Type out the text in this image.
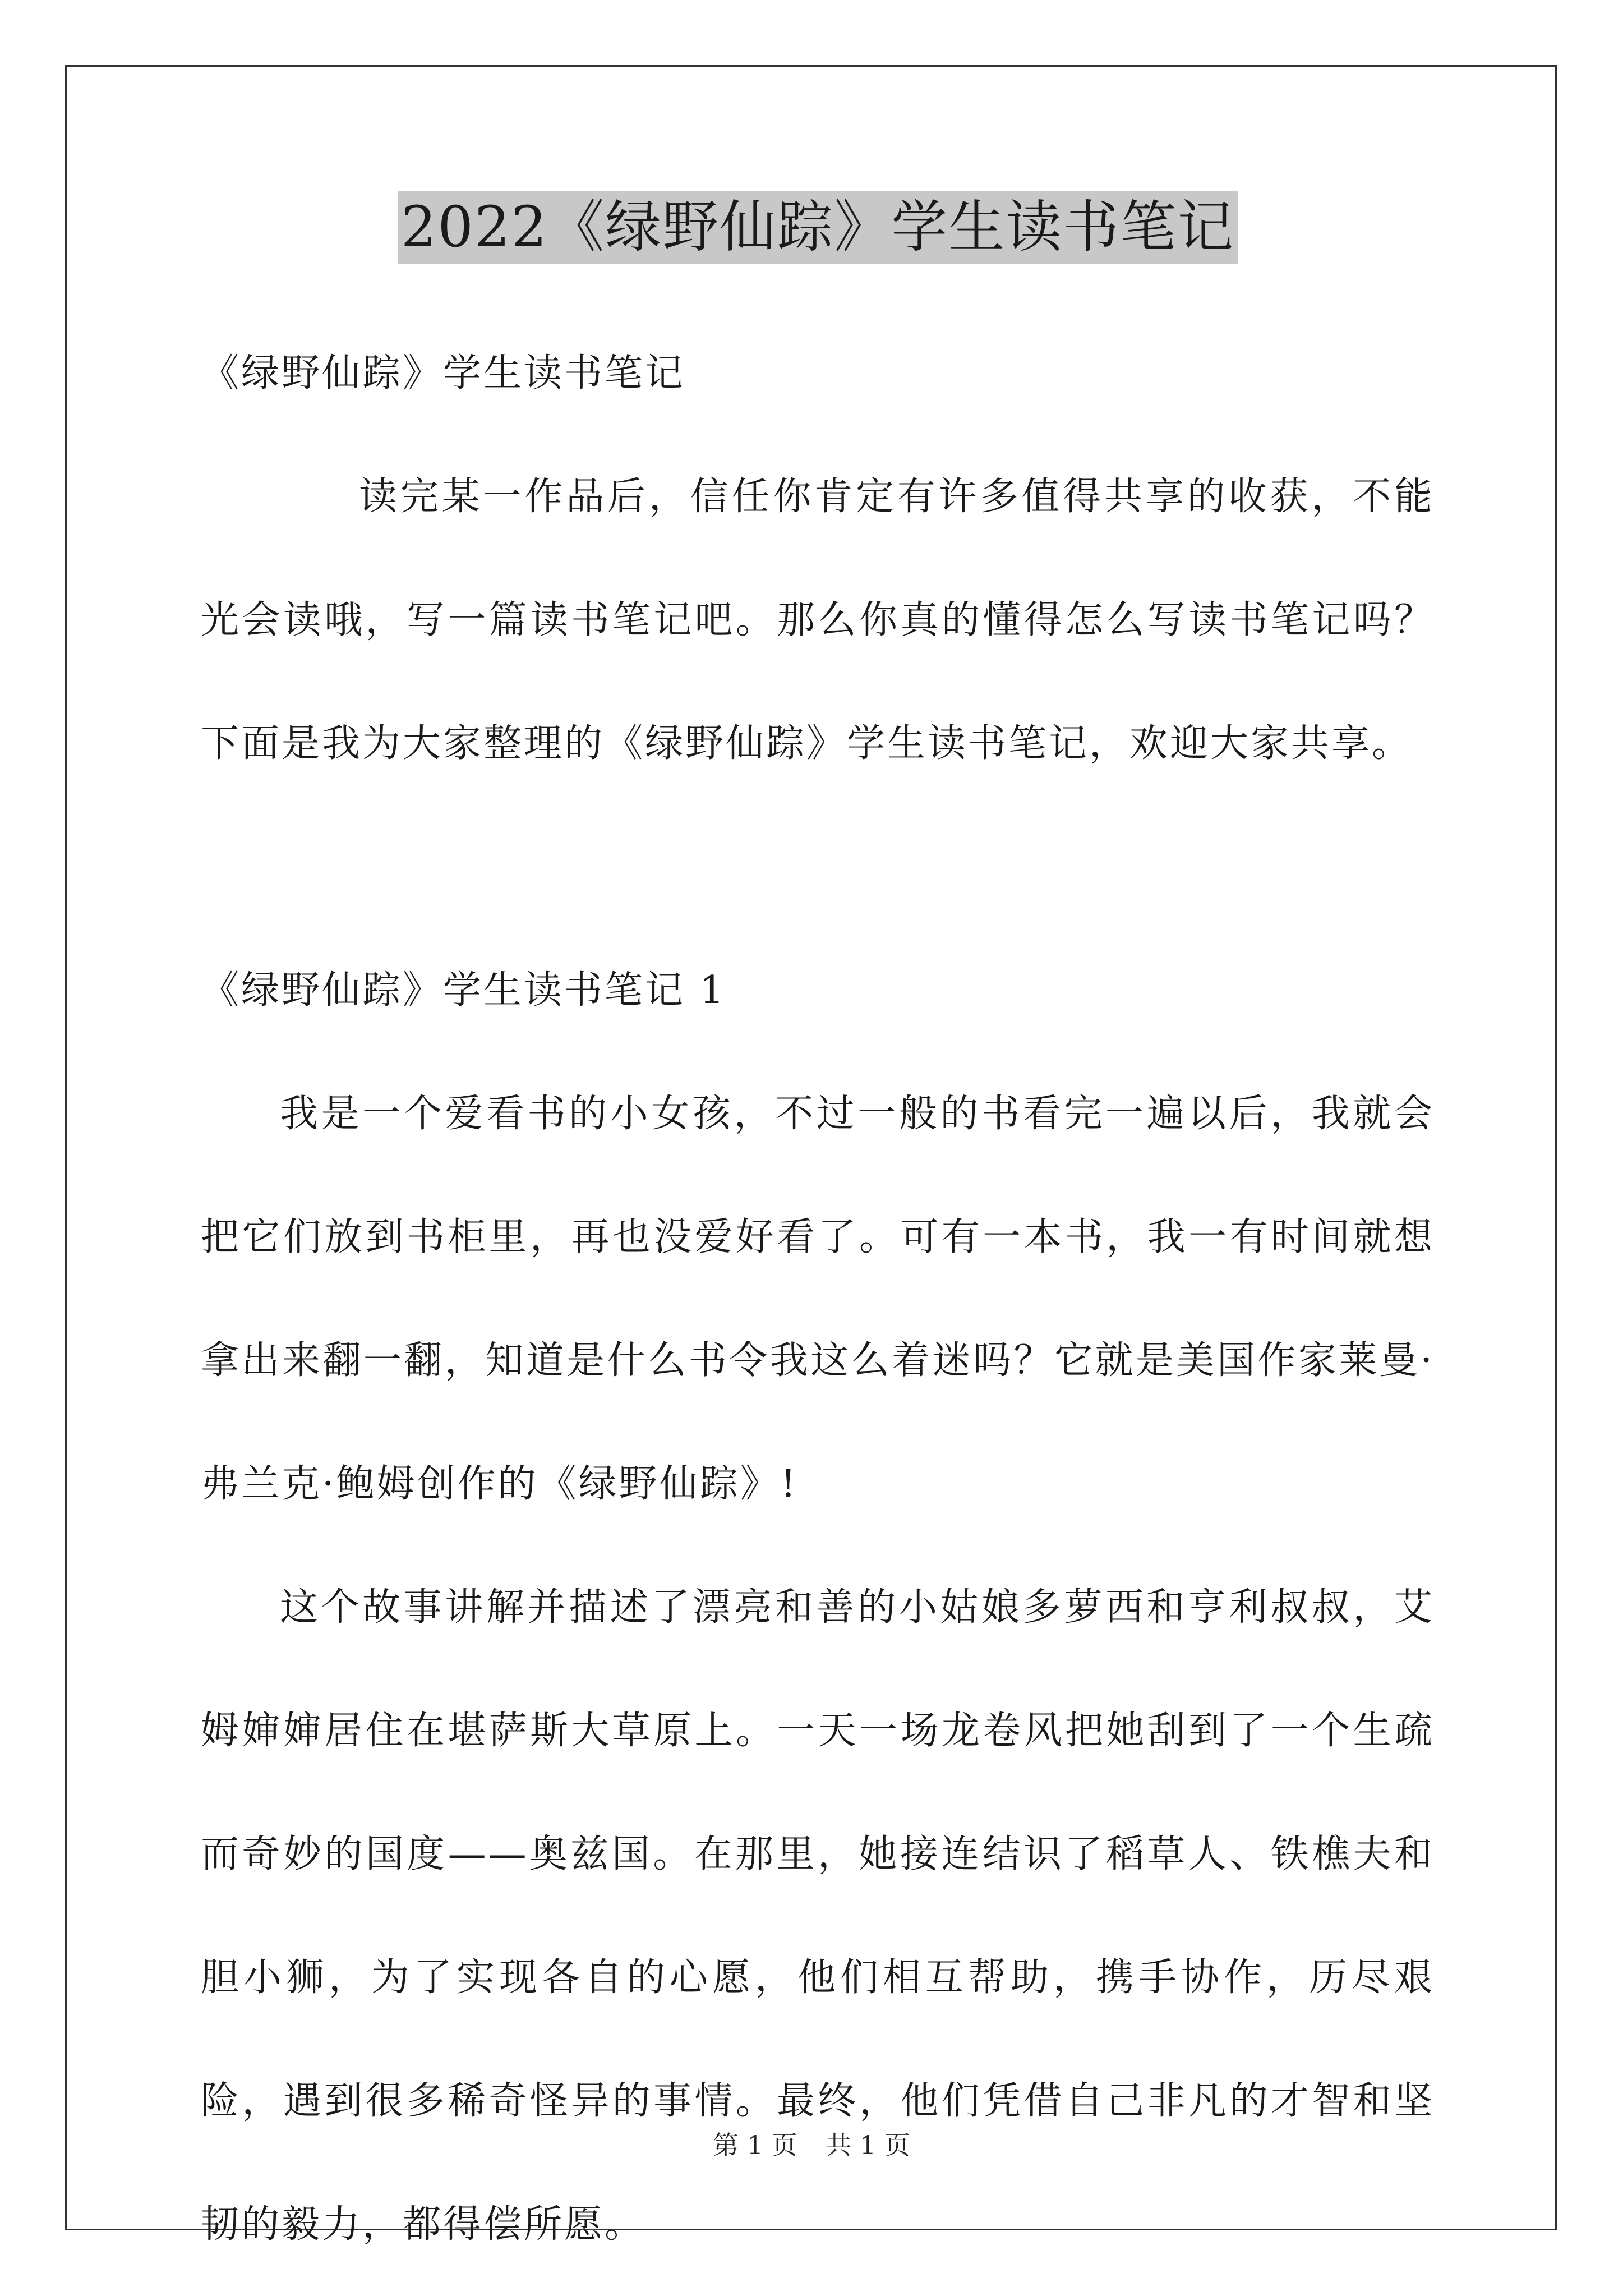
2022《绿野仙踪》学生读书笔记

《绿野仙踪》学生读书笔记

读完某一作品后，信任你肯定有许多值得共享的收获，不能光会读哦，写一篇读书笔记吧。那么你真的懂得怎么写读书笔记吗？下面是我为大家整理的《绿野仙踪》学生读书笔记，欢迎大家共享。

《绿野仙踪》学生读书笔记 1

我是一个爱看书的小女孩，不过一般的书看完一遍以后，我就会把它们放到书柜里，再也没爱好看了。可有一本书，我一有时间就想拿出来翻一翻，知道是什么书令我这么着迷吗？它就是美国作家莱曼·弗兰克·鲍姆创作的《绿野仙踪》!

这个故事讲解并描述了漂亮和善的小姑娘多萝西和亨利叔叔，艾姆婶婶居住在堪萨斯大草原上。一天一场龙卷风把她刮到了一个生疏而奇妙的国度——奥兹国。在那里，她接连结识了稻草人、铁樵夫和胆小狮，为了实现各自的心愿，他们相互帮助，携手协作，历尽艰险，遇到很多稀奇怪异的事情。最终，他们凭借自己非凡的才智和坚韧的毅力，都得偿所愿。

第 1 页 共 1 页
